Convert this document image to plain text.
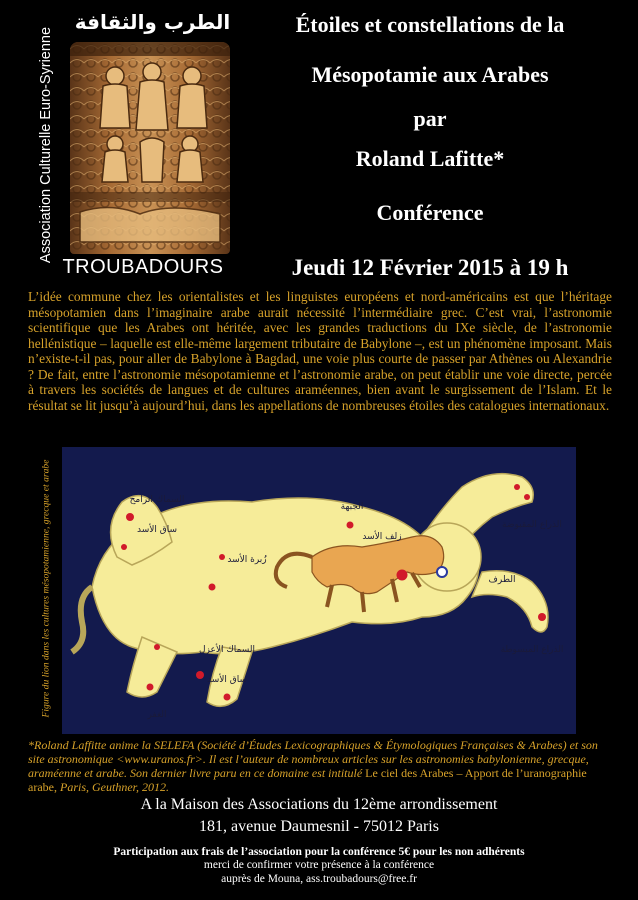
الطرب والثقافة
Association Culturelle Euro-Syrienne
TROUBADOURS
Étoiles et constellations de la
Mésopotamie aux Arabes
par
Roland Lafitte*
Conférence
Jeudi 12 Février 2015 à 19 h
L’idée commune chez les orientalistes et les linguistes européens et nord-américains est que l’héritage mésopotamien dans l’imaginaire arabe aurait nécessité l’intermédiaire grec. C’est vrai, l’astronomie scientifique que les Arabes ont héritée, avec les grandes traductions du IXe siècle, de l’astronomie hellénistique – laquelle est elle-même largement tributaire de Babylone –, est un phénomène imposant. Mais n’existe-t-il pas, pour aller de Babylone à Bagdad, une voie plus courte de passer par Athènes ou Alexandrie ? De fait, entre l’astronomie mésopotamienne et l’astronomie arabe, on peut établir une voie directe, percée à travers les sociétés de langues et de cultures araméennes, bien avant le surgissement de l’Islam. Et le résultat se lit jusqu’à aujourd’hui, dans les appellations de nombreuses étoiles des catalogues internationaux.
Figure du lion dans les cultures mésopotamienne, grecque et arabe	السماك الرامح
ساق الأسد
الجبهة
الذراع المقبوضة
زُبرة الأسد
زلف الأسد
الطرف
الذراع المبسوطة
السماك الأعزل
ساق الأسد
الغفر
*Roland Laffitte anime la SELEFA (Société d’Études Lexicographiques & Étymologiques Françaises & Arabes) et son site astronomique <www.uranos.fr>. Il est l’auteur de nombreux articles sur les astronomies babylonienne, grecque, araméenne et arabe. Son dernier livre paru en ce domaine est intitulé Le ciel des Arabes – Apport de l’uranographie arabe, Paris, Geuthner, 2012.
A la Maison des Associations du 12ème arrondissement
181, avenue Daumesnil - 75012 Paris
Participation aux frais de l’association pour la conférence 5€ pour les non adhérents
merci de confirmer votre présence à la conférence
auprès de Mouna, ass.troubadours@free.fr
